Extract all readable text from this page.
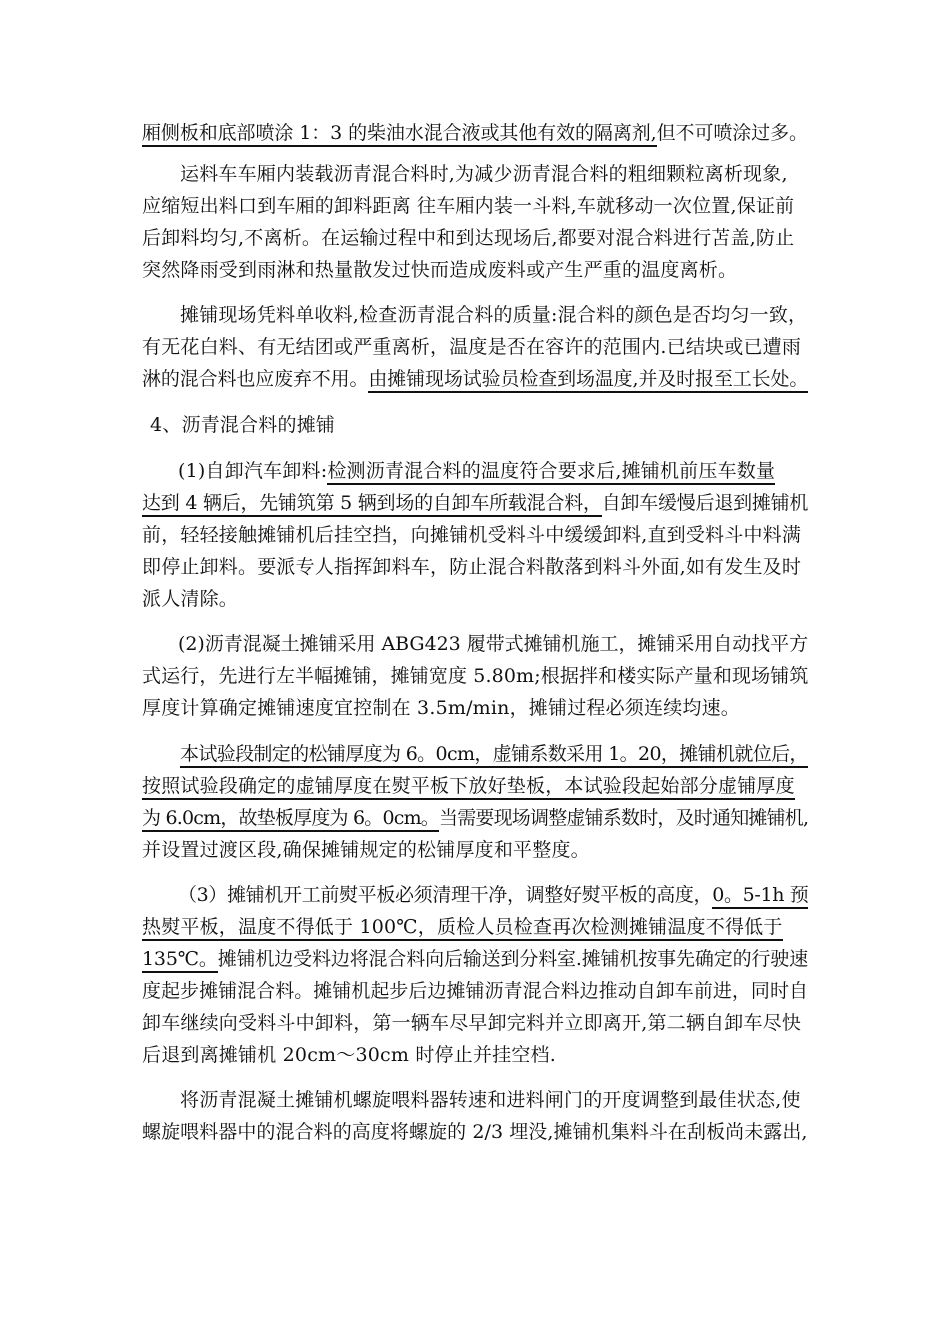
厢侧板和底部喷涂 1：3 的柴油水混合液或其他有效的隔离剂,但不可喷涂过多。
运料车车厢内装载沥青混合料时,为减少沥青混合料的粗细颗粒离析现象,
应缩短出料口到车厢的卸料距离 往车厢内装一斗料,车就移动一次位置,保证前
后卸料均匀,不离析。在运输过程中和到达现场后,都要对混合料进行苫盖,防止
突然降雨受到雨淋和热量散发过快而造成废料或产生严重的温度离析。
摊铺现场凭料单收料,检查沥青混合料的质量:混合料的颜色是否均匀一致，
有无花白料、有无结团或严重离析，温度是否在容许的范围内.已结块或已遭雨
淋的混合料也应废弃不用。由摊铺现场试验员检查到场温度,并及时报至工长处。
4、沥青混合料的摊铺
(1)自卸汽车卸料:检测沥青混合料的温度符合要求后,摊铺机前压车数量
达到 4 辆后，先铺筑第 5 辆到场的自卸车所载混合料，自卸车缓慢后退到摊铺机
前，轻轻接触摊铺机后挂空挡，向摊铺机受料斗中缓缓卸料,直到受料斗中料满
即停止卸料。要派专人指挥卸料车，防止混合料散落到料斗外面,如有发生及时
派人清除。
(2)沥青混凝土摊铺采用 ABG423 履带式摊铺机施工，摊铺采用自动找平方
式运行，先进行左半幅摊铺，摊铺宽度 5.80m;根据拌和楼实际产量和现场铺筑
厚度计算确定摊铺速度宜控制在 3.5m/min，摊铺过程必须连续均速。
本试验段制定的松铺厚度为 6。0cm，虚铺系数采用 1。20，摊铺机就位后，
按照试验段确定的虚铺厚度在熨平板下放好垫板，本试验段起始部分虚铺厚度
为 6.0cm，故垫板厚度为 6。0cm。当需要现场调整虚铺系数时，及时通知摊铺机,
并设置过渡区段,确保摊铺规定的松铺厚度和平整度。
（3）摊铺机开工前熨平板必须清理干净，调整好熨平板的高度，0。5-1h 预
热熨平板，温度不得低于 100℃，质检人员检查再次检测摊铺温度不得低于
135℃。摊铺机边受料边将混合料向后输送到分料室.摊铺机按事先确定的行驶速
度起步摊铺混合料。摊铺机起步后边摊铺沥青混合料边推动自卸车前进，同时自
卸车继续向受料斗中卸料，第一辆车尽早卸完料并立即离开,第二辆自卸车尽快
后退到离摊铺机 20cm～30cm 时停止并挂空档.
将沥青混凝土摊铺机螺旋喂料器转速和进料闸门的开度调整到最佳状态,使
螺旋喂料器中的混合料的高度将螺旋的 2/3 埋没,摊铺机集料斗在刮板尚未露出,
